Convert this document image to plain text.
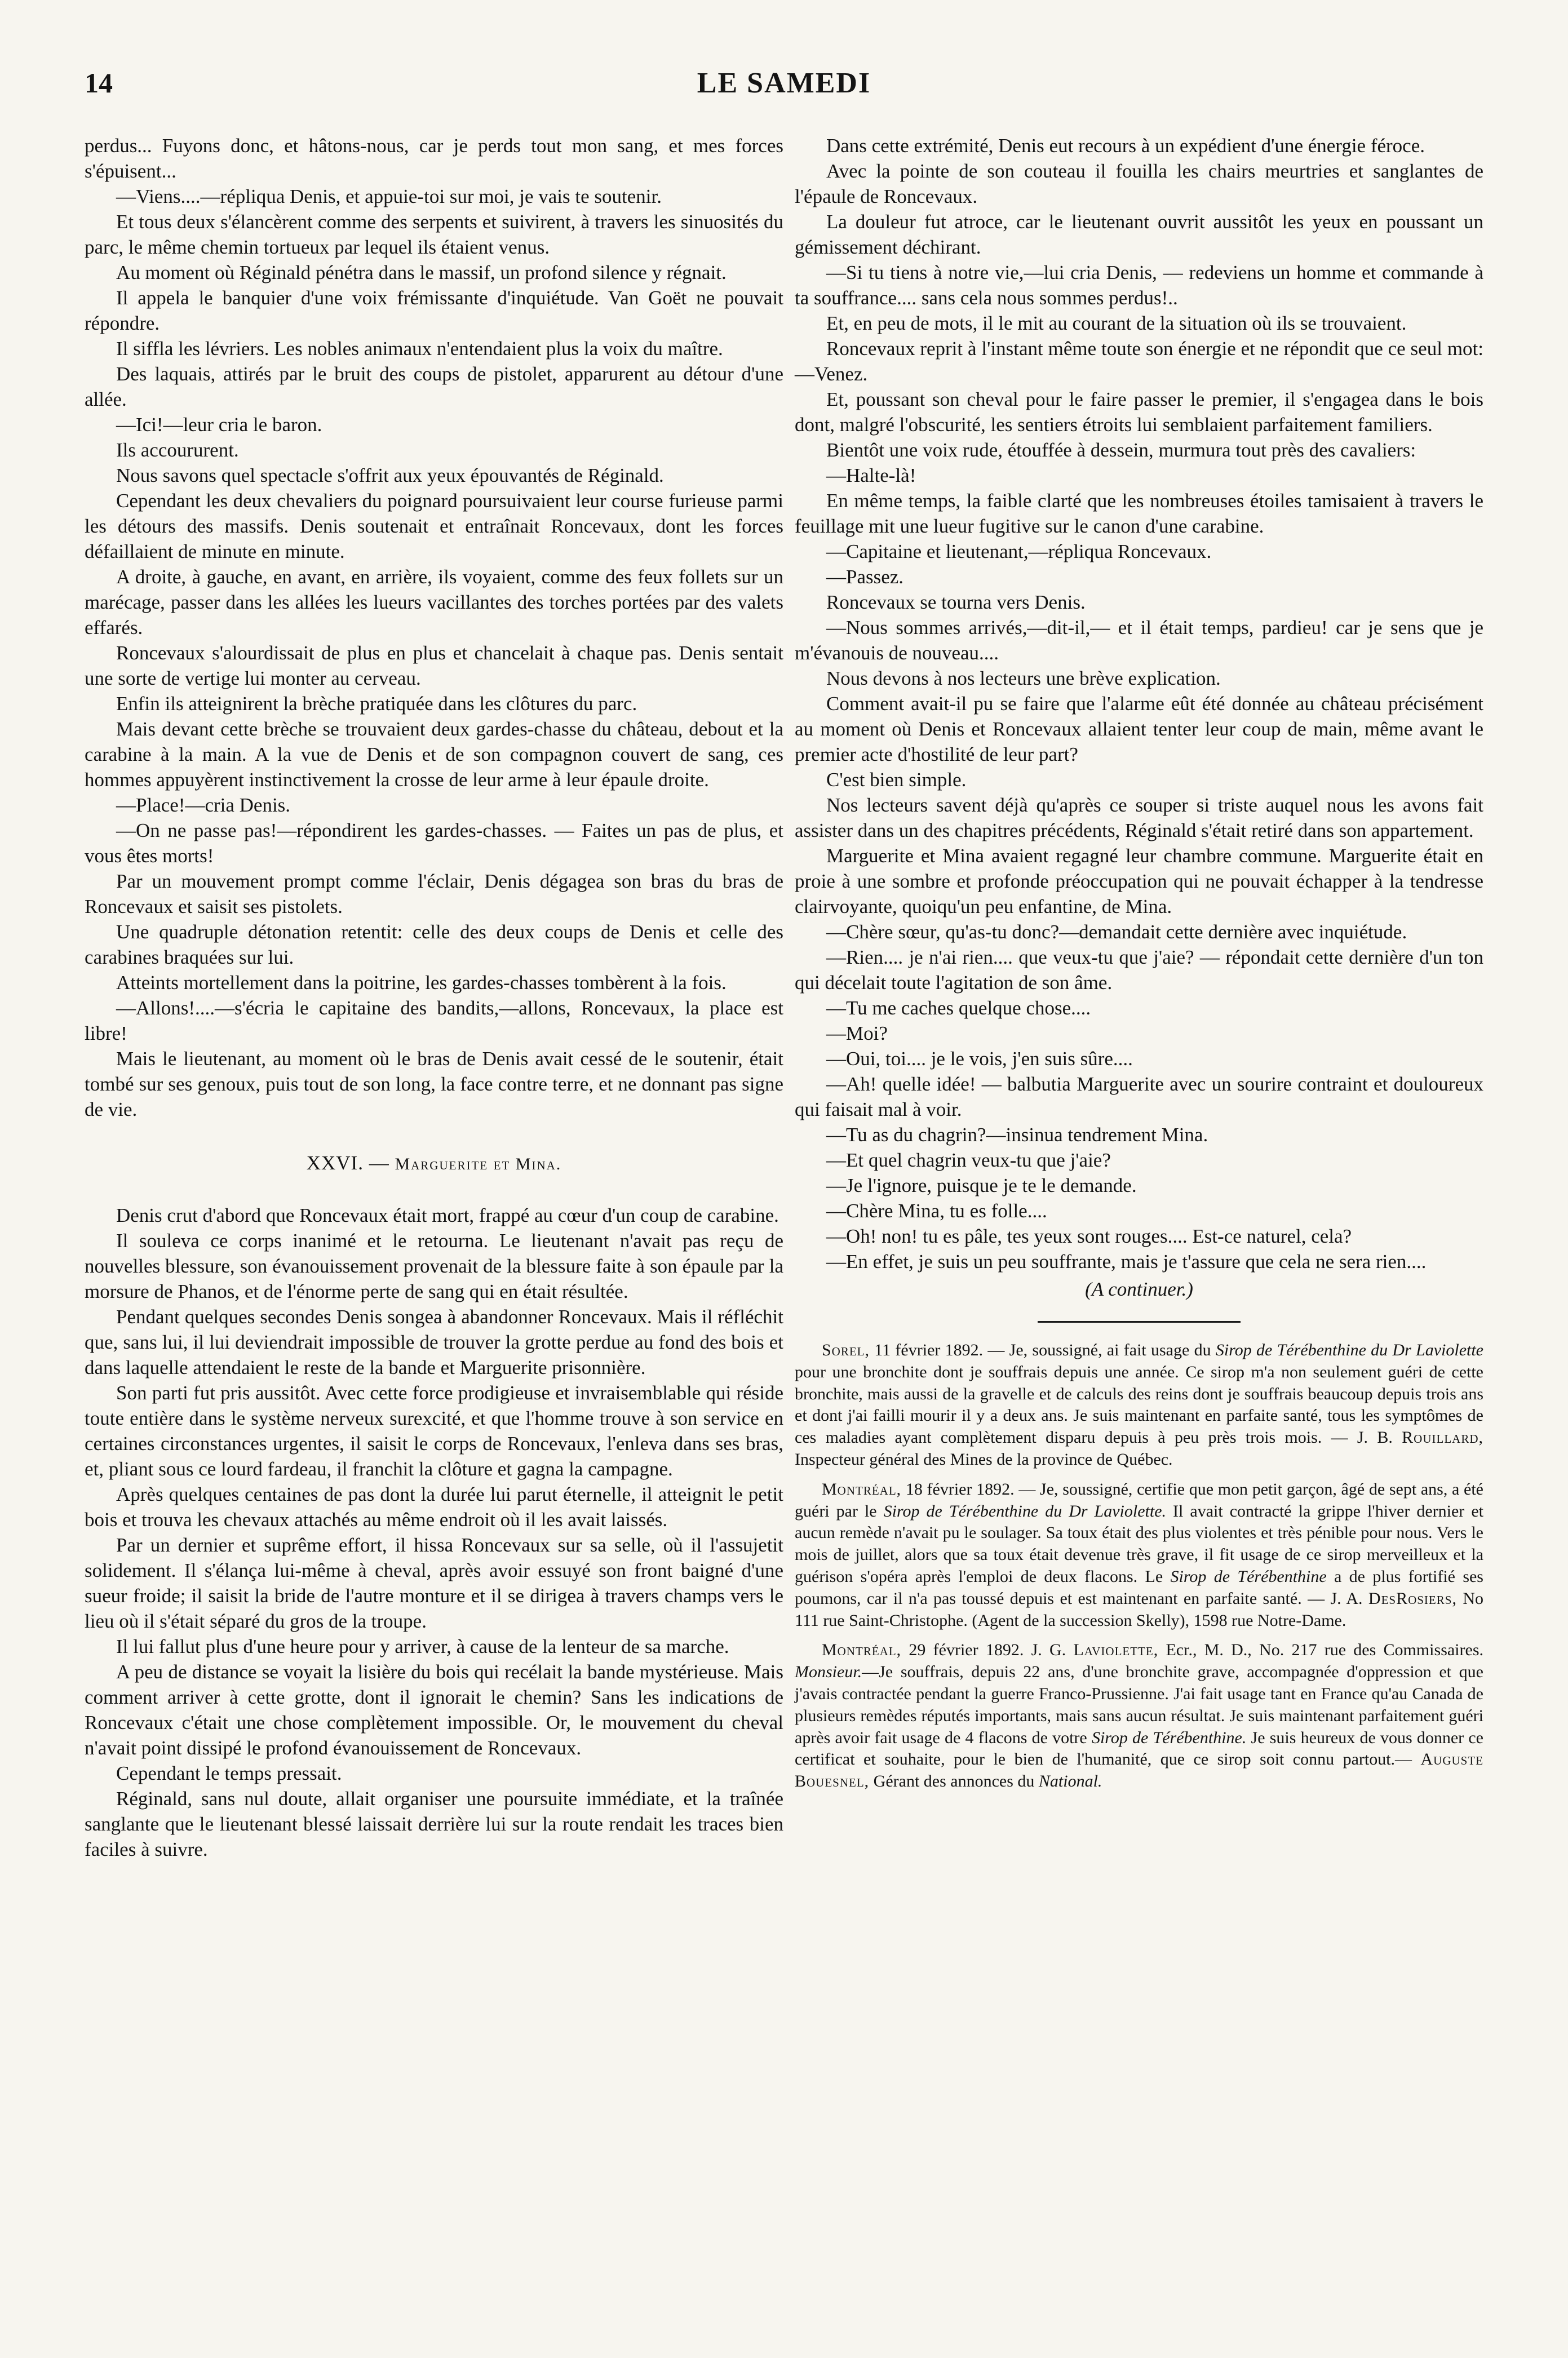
14	LE SAMEDI

perdus... Fuyons donc, et hâtons-nous, car je perds tout mon sang, et mes forces s'épuisent...

—Viens....—répliqua Denis, et appuie-toi sur moi, je vais te soutenir.

Et tous deux s'élancèrent comme des serpents et suivirent, à travers les sinuosités du parc, le même chemin tortueux par lequel ils étaient venus.

Au moment où Réginald pénétra dans le massif, un profond silence y régnait.

Il appela le banquier d'une voix frémissante d'inquiétude. Van Goët ne pouvait répondre.

Il siffla les lévriers. Les nobles animaux n'entendaient plus la voix du maître.

Des laquais, attirés par le bruit des coups de pistolet, apparurent au détour d'une allée.

—Ici!—leur cria le baron.

Ils accoururent.

Nous savons quel spectacle s'offrit aux yeux épouvantés de Réginald.

Cependant les deux chevaliers du poignard poursuivaient leur course furieuse parmi les détours des massifs. Denis soutenait et entraînait Roncevaux, dont les forces défaillaient de minute en minute.

A droite, à gauche, en avant, en arrière, ils voyaient, comme des feux follets sur un marécage, passer dans les allées les lueurs vacillantes des torches portées par des valets effarés.

Roncevaux s'alourdissait de plus en plus et chancelait à chaque pas. Denis sentait une sorte de vertige lui monter au cerveau.

Enfin ils atteignirent la brèche pratiquée dans les clôtures du parc.

Mais devant cette brèche se trouvaient deux gardes-chasse du château, debout et la carabine à la main. A la vue de Denis et de son compagnon couvert de sang, ces hommes appuyèrent instinctivement la crosse de leur arme à leur épaule droite.

—Place!—cria Denis.

—On ne passe pas!—répondirent les gardes-chasses. — Faites un pas de plus, et vous êtes morts!

Par un mouvement prompt comme l'éclair, Denis dégagea son bras du bras de Roncevaux et saisit ses pistolets.

Une quadruple détonation retentit: celle des deux coups de Denis et celle des carabines braquées sur lui.

Atteints mortellement dans la poitrine, les gardes-chasses tombèrent à la fois.

—Allons!....—s'écria le capitaine des bandits,—allons, Roncevaux, la place est libre!

Mais le lieutenant, au moment où le bras de Denis avait cessé de le soutenir, était tombé sur ses genoux, puis tout de son long, la face contre terre, et ne donnant pas signe de vie.

XXVI. — Marguerite et Mina.

Denis crut d'abord que Roncevaux était mort, frappé au cœur d'un coup de carabine.

Il souleva ce corps inanimé et le retourna. Le lieutenant n'avait pas reçu de nouvelles blessure, son évanouissement provenait de la blessure faite à son épaule par la morsure de Phanos, et de l'énorme perte de sang qui en était résultée.

Pendant quelques secondes Denis songea à abandonner Roncevaux. Mais il réfléchit que, sans lui, il lui deviendrait impossible de trouver la grotte perdue au fond des bois et dans laquelle attendaient le reste de la bande et Marguerite prisonnière.

Son parti fut pris aussitôt. Avec cette force prodigieuse et invraisemblable qui réside toute entière dans le système nerveux surexcité, et que l'homme trouve à son service en certaines circonstances urgentes, il saisit le corps de Roncevaux, l'enleva dans ses bras, et, pliant sous ce lourd fardeau, il franchit la clôture et gagna la campagne.

Après quelques centaines de pas dont la durée lui parut éternelle, il atteignit le petit bois et trouva les chevaux attachés au même endroit où il les avait laissés.

Par un dernier et suprême effort, il hissa Roncevaux sur sa selle, où il l'assujetit solidement. Il s'élança lui-même à cheval, après avoir essuyé son front baigné d'une sueur froide; il saisit la bride de l'autre monture et il se dirigea à travers champs vers le lieu où il s'était séparé du gros de la troupe.

Il lui fallut plus d'une heure pour y arriver, à cause de la lenteur de sa marche.

A peu de distance se voyait la lisière du bois qui recélait la bande mystérieuse. Mais comment arriver à cette grotte, dont il ignorait le chemin? Sans les indications de Roncevaux c'était une chose complètement impossible. Or, le mouvement du cheval n'avait point dissipé le profond évanouissement de Roncevaux.

Cependant le temps pressait.

Réginald, sans nul doute, allait organiser une poursuite immédiate, et la traînée sanglante que le lieutenant blessé laissait derrière lui sur la route rendait les traces bien faciles à suivre.

Dans cette extrémité, Denis eut recours à un expédient d'une énergie féroce.

Avec la pointe de son couteau il fouilla les chairs meurtries et sanglantes de l'épaule de Roncevaux.

La douleur fut atroce, car le lieutenant ouvrit aussitôt les yeux en poussant un gémissement déchirant.

—Si tu tiens à notre vie,—lui cria Denis, — redeviens un homme et commande à ta souffrance.... sans cela nous sommes perdus!..

Et, en peu de mots, il le mit au courant de la situation où ils se trouvaient.

Roncevaux reprit à l'instant même toute son énergie et ne répondit que ce seul mot:—Venez.

Et, poussant son cheval pour le faire passer le premier, il s'engagea dans le bois dont, malgré l'obscurité, les sentiers étroits lui semblaient parfaitement familiers.

Bientôt une voix rude, étouffée à dessein, murmura tout près des cavaliers:

—Halte-là!

En même temps, la faible clarté que les nombreuses étoiles tamisaient à travers le feuillage mit une lueur fugitive sur le canon d'une carabine.

—Capitaine et lieutenant,—répliqua Roncevaux.

—Passez.

Roncevaux se tourna vers Denis.

—Nous sommes arrivés,—dit-il,— et il était temps, pardieu! car je sens que je m'évanouis de nouveau....

Nous devons à nos lecteurs une brève explication.

Comment avait-il pu se faire que l'alarme eût été donnée au château précisément au moment où Denis et Roncevaux allaient tenter leur coup de main, même avant le premier acte d'hostilité de leur part?

C'est bien simple.

Nos lecteurs savent déjà qu'après ce souper si triste auquel nous les avons fait assister dans un des chapitres précédents, Réginald s'était retiré dans son appartement.

Marguerite et Mina avaient regagné leur chambre commune. Marguerite était en proie à une sombre et profonde préoccupation qui ne pouvait échapper à la tendresse clairvoyante, quoiqu'un peu enfantine, de Mina.

—Chère sœur, qu'as-tu donc?—demandait cette dernière avec inquiétude.

—Rien.... je n'ai rien.... que veux-tu que j'aie? — répondait cette dernière d'un ton qui décelait toute l'agitation de son âme.

—Tu me caches quelque chose....

—Moi?

—Oui, toi.... je le vois, j'en suis sûre....

—Ah! quelle idée! — balbutia Marguerite avec un sourire contraint et douloureux qui faisait mal à voir.

—Tu as du chagrin?—insinua tendrement Mina.

—Et quel chagrin veux-tu que j'aie?

—Je l'ignore, puisque je te le demande.

—Chère Mina, tu es folle....

—Oh! non! tu es pâle, tes yeux sont rouges.... Est-ce naturel, cela?

—En effet, je suis un peu souffrante, mais je t'assure que cela ne sera rien....

(A continuer.)

Sorel, 11 février 1892. — Je, soussigné, ai fait usage du Sirop de Térébenthine du Dr Laviolette pour une bronchite dont je souffrais depuis une année. Ce sirop m'a non seulement guéri de cette bronchite, mais aussi de la gravelle et de calculs des reins dont je souffrais beaucoup depuis trois ans et dont j'ai failli mourir il y a deux ans. Je suis maintenant en parfaite santé, tous les symptômes de ces maladies ayant complètement disparu depuis à peu près trois mois. — J. B. Rouillard, Inspecteur général des Mines de la province de Québec.

Montréal, 18 février 1892. — Je, soussigné, certifie que mon petit garçon, âgé de sept ans, a été guéri par le Sirop de Térébenthine du Dr Laviolette. Il avait contracté la grippe l'hiver dernier et aucun remède n'avait pu le soulager. Sa toux était des plus violentes et très pénible pour nous. Vers le mois de juillet, alors que sa toux était devenue très grave, il fit usage de ce sirop merveilleux et la guérison s'opéra après l'emploi de deux flacons. Le Sirop de Térébenthine a de plus fortifié ses poumons, car il n'a pas toussé depuis et est maintenant en parfaite santé. — J. A. DesRosiers, No 111 rue Saint-Christophe. (Agent de la succession Skelly), 1598 rue Notre-Dame.

Montréal, 29 février 1892. J. G. Laviolette, Ecr., M. D., No. 217 rue des Commissaires. Monsieur.—Je souffrais, depuis 22 ans, d'une bronchite grave, accompagnée d'oppression et que j'avais contractée pendant la guerre Franco-Prussienne. J'ai fait usage tant en France qu'au Canada de plusieurs remèdes réputés importants, mais sans aucun résultat. Je suis maintenant parfaitement guéri après avoir fait usage de 4 flacons de votre Sirop de Térébenthine. Je suis heureux de vous donner ce certificat et souhaite, pour le bien de l'humanité, que ce sirop soit connu partout.— Auguste Bouesnel, Gérant des annonces du National.
